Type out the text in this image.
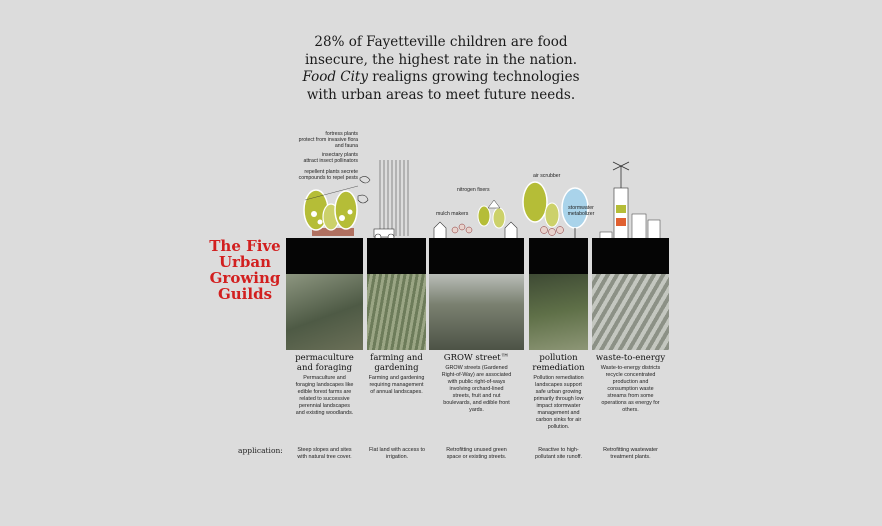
28% of Fayetteville children are food
insecure, the highest rate in the nation.
Food City realigns growing technologies
with urban areas to meet future needs.
The Five
Urban
Growing
Guilds
fortress plants
protect from invasive flora
and fauna
insectary plants
attract insect pollinators
repellent plants secrete
compounds to repel pests
nitrogen fixers
mulch makers
air scrubber
stormwater
metabolizer
permaculture
and foraging
Permaculture and
foraging landscapes like
edible forest farms are
related to successive
perennial landscapes
and existing woodlands.
farming and
gardening
Farming and gardening
requiring management
of annual landscapes.
GROW street™
GROW streets (Gardened
Right-of-Way) are associated
with public right-of-ways
involving orchard-lined
streets, fruit and nut
boulevards, and edible front
yards.
pollution
remediation
Pollution remediation
landscapes support
safe urban growing
primarily through low
impact stormwater
management and
carbon sinks for air
pollution.
waste-to-energy
Waste-to-energy districts
recycle concentrated
production and
consumption waste
streams from some
operations as energy for
others.
application:	Steep slopes and sites
with natural tree cover.
Flat land with access to
irrigation.
Retrofitting unused green
space or existing streets.
Reactive to high-
pollutant site runoff.
Retrofitting wastewater
treatment plants.
